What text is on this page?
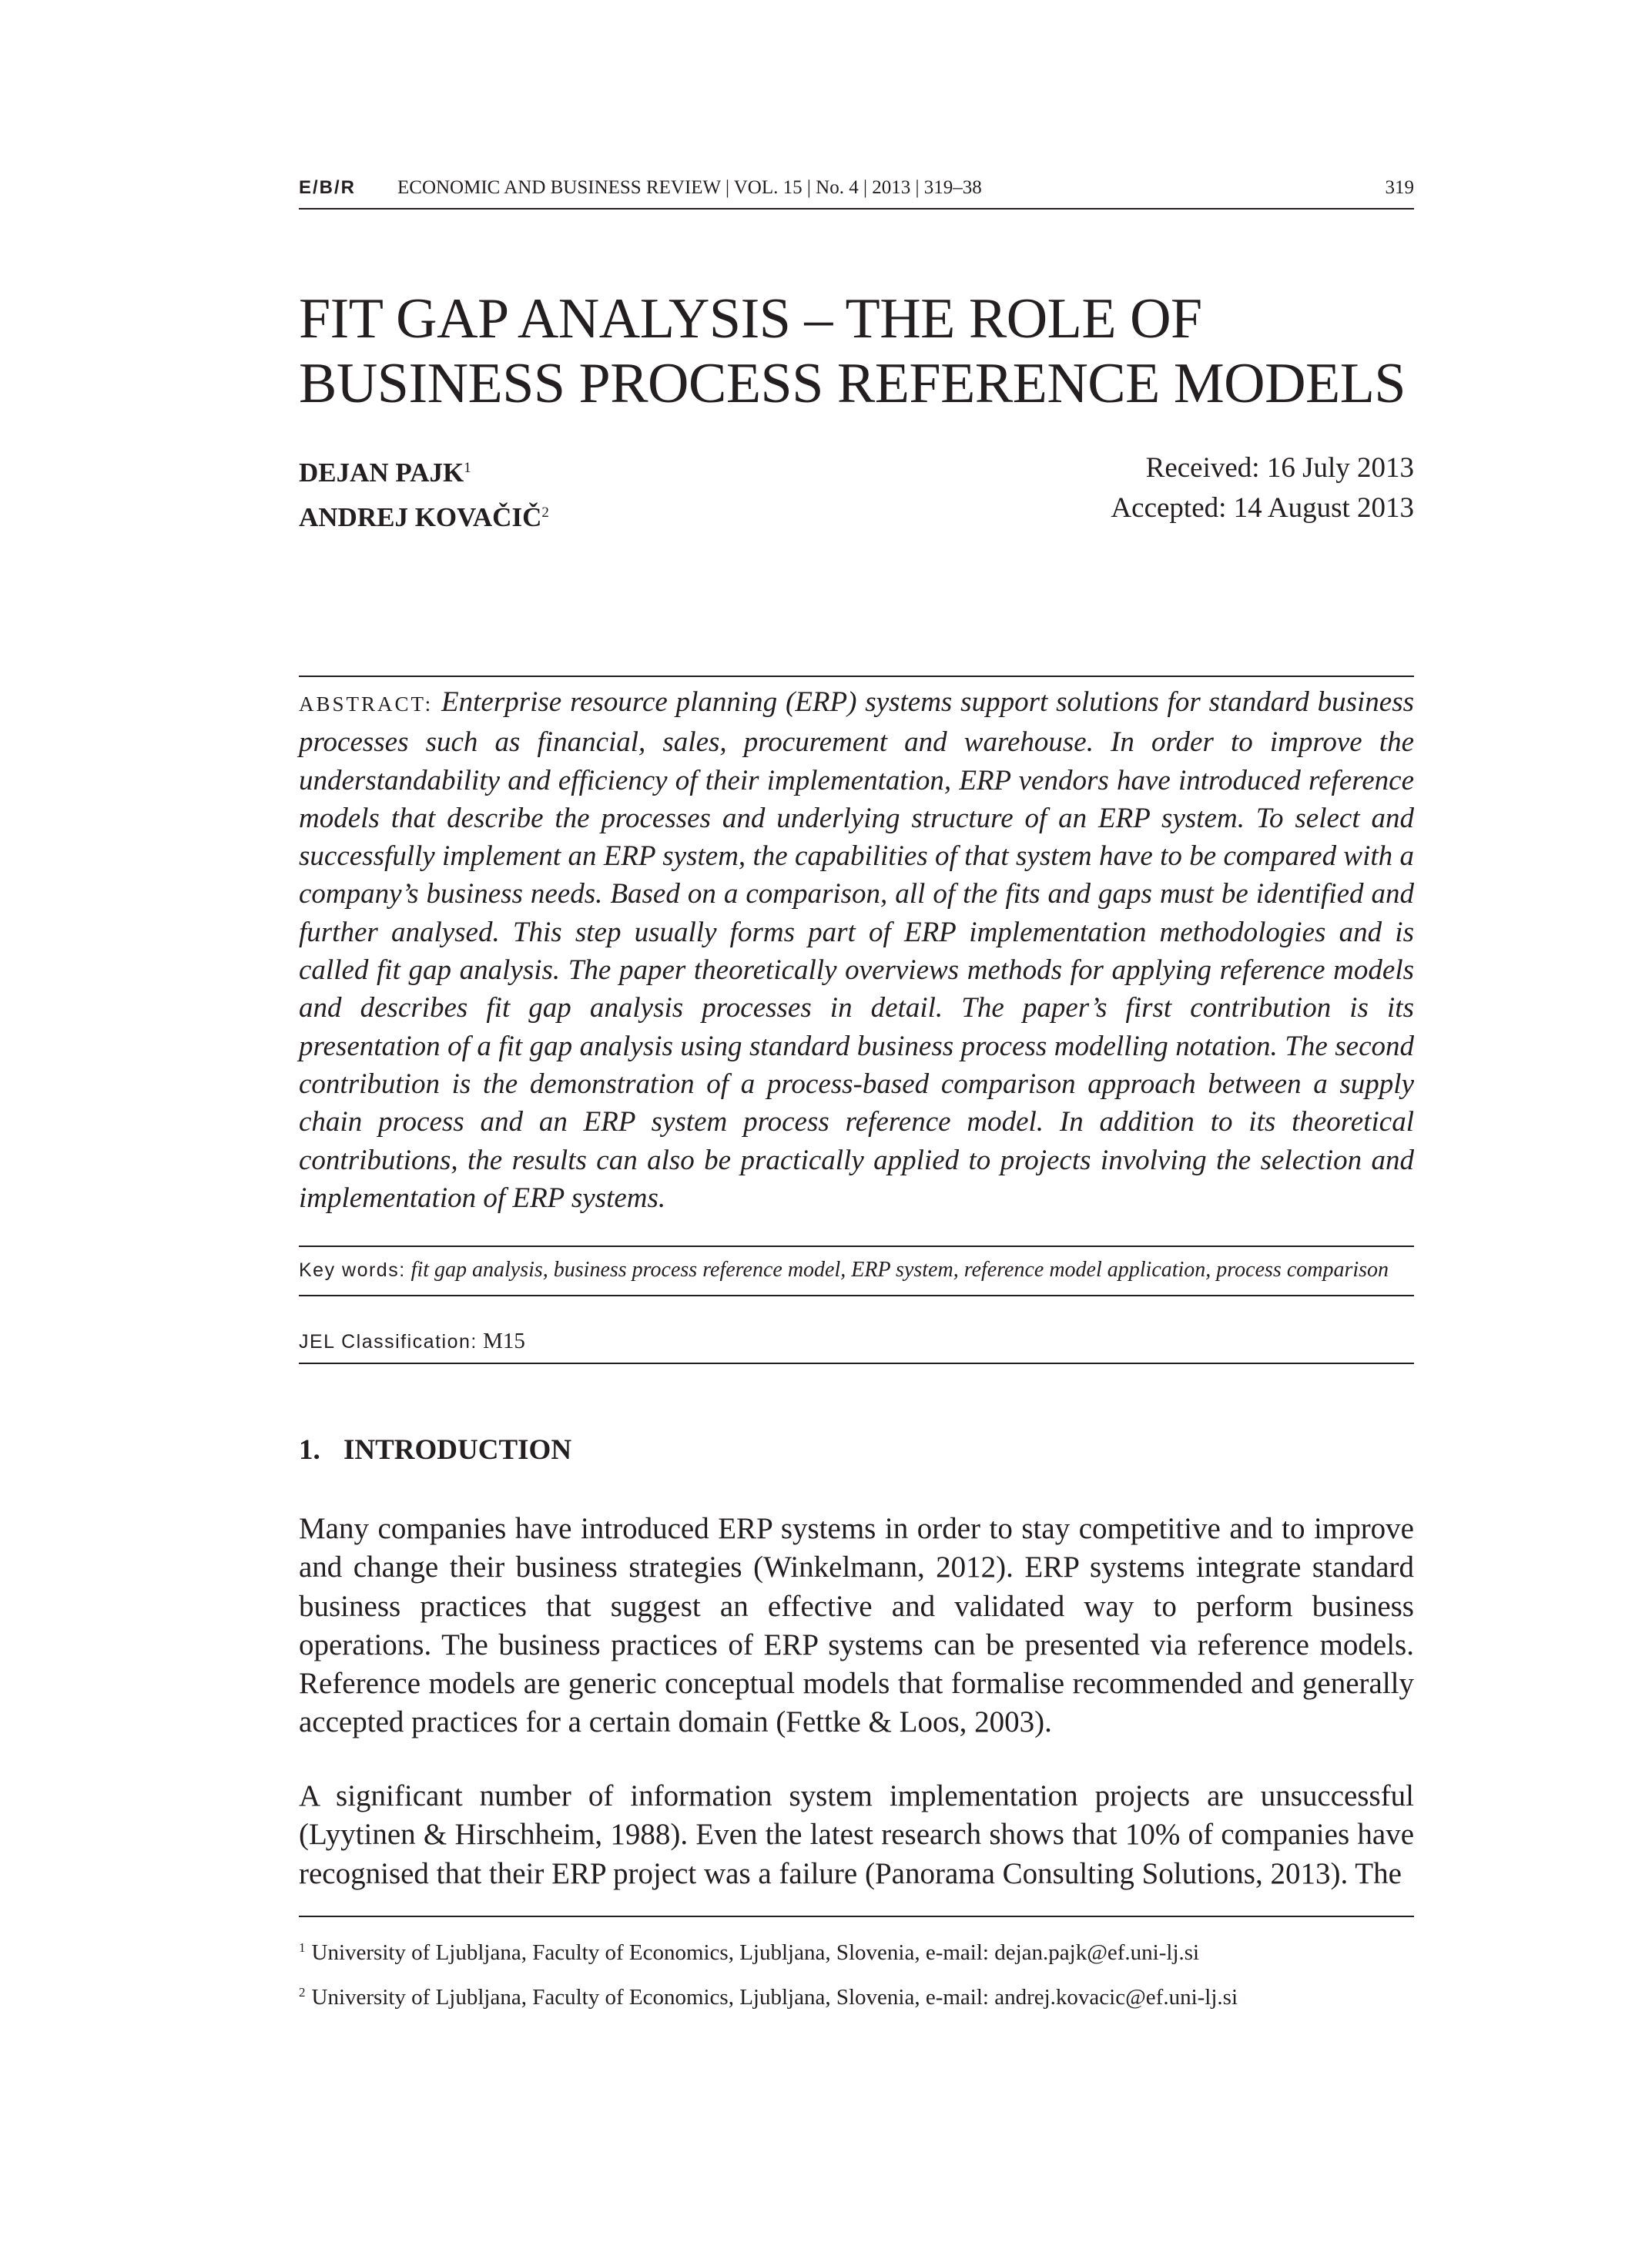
E/B/R ECONOMIC AND BUSINESS REVIEW | VOL. 15 | No. 4 | 2013 | 319–38	319
FIT GAP ANALYSIS – THE ROLE OF
BUSINESS PROCESS REFERENCE MODELS
DEJAN PAJK$^1$
ANDREJ KOVAČIČ$^2$
Received: 16 July 2013
Accepted: 14 August 2013
ABSTRACT: Enterprise resource planning (ERP) systems support solutions for standard business processes such as financial, sales, procurement and warehouse. In order to improve the understandability and efficiency of their implementation, ERP vendors have introduced reference models that describe the processes and underlying structure of an ERP system. To select and successfully implement an ERP system, the capabilities of that system have to be compared with a company’s business needs. Based on a comparison, all of the fits and gaps must be identified and further analysed. This step usually forms part of ERP implementation methodologies and is called fit gap analysis. The paper theoretically overviews methods for applying reference models and describes fit gap analysis processes in detail. The paper’s first contribution is its presentation of a fit gap analysis using standard business process modelling notation. The second contribution is the demonstration of a process-based comparison approach between a supply chain process and an ERP system process reference model. In addition to its theoretical contributions, the results can also be practically applied to projects involving the selection and implementation of ERP systems.
Key words: fit gap analysis, business process reference model, ERP system, reference model application, process comparison
JEL Classification: M15
1. INTRODUCTION

Many companies have introduced ERP systems in order to stay competitive and to improve and change their business strategies (Winkelmann, 2012). ERP systems integrate standard business practices that suggest an effective and validated way to perform business operations. The business practices of ERP systems can be presented via reference models. Reference models are generic conceptual models that formalise recommended and generally accepted practices for a certain domain (Fettke & Loos, 2003).

A significant number of information system implementation projects are unsuccessful (Lyytinen & Hirschheim, 1988). Even the latest research shows that 10% of companies have recognised that their ERP project was a failure (Panorama Consulting Solutions, 2013). The

$^1$ University of Ljubljana, Faculty of Economics, Ljubljana, Slovenia, e-mail: dejan.pajk@ef.uni-lj.si
$^2$ University of Ljubljana, Faculty of Economics, Ljubljana, Slovenia, e-mail: andrej.kovacic@ef.uni-lj.si
